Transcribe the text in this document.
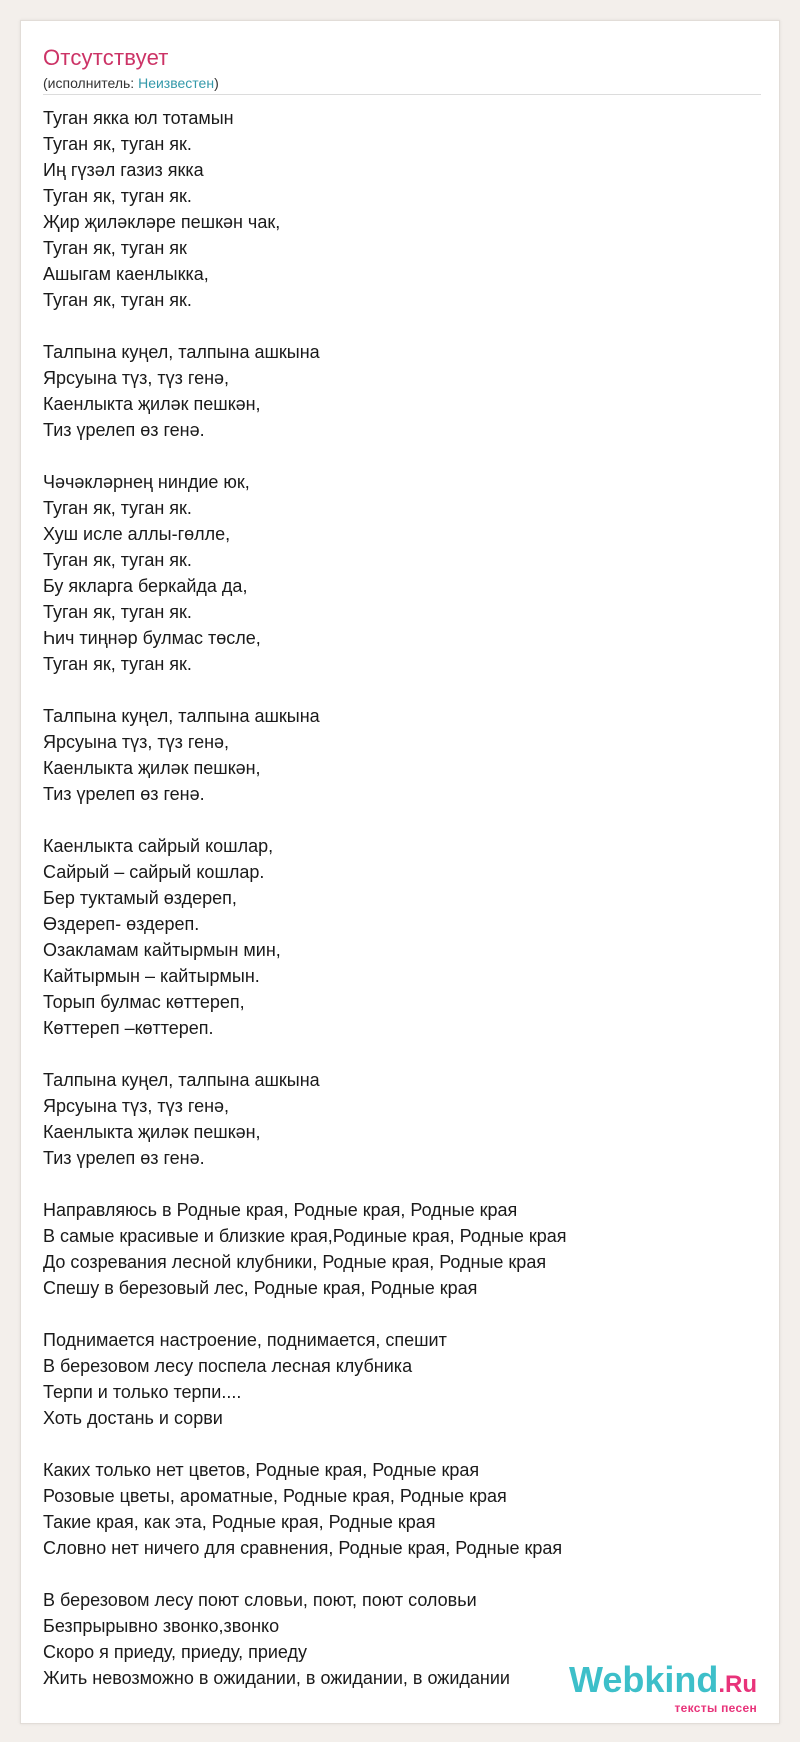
Отсутствует
(исполнитель: Неизвестен)
Туган якка юл тотамын
Туган як, туган як.
Иң гүзәл газиз якка
Туган як, туган як.
Җир җиләкләре пешкән чак,
Туган як, туган як
Ашыгам каенлыкка,
Туган як, туган як.
Талпына куңел, талпына ашкына
Ярсуына түз, түз генә,
Каенлыкта җиләк пешкән,
Тиз үрелеп өз генә.
Чәчәкләрнең ниндие юк,
Туган як, туган як.
Хуш исле аллы-гөлле,
Туган як, туган як.
Бу якларга беркайда да,
Туган як, туган як.
Һич тиңнәр булмас төсле,
Туган як, туган як.
Талпына куңел, талпына ашкына
Ярсуына түз, түз генә,
Каенлыкта җиләк пешкән,
Тиз үрелеп өз генә.
Каенлыкта сайрый кошлар,
Сайрый – сайрый кошлар.
Бер туктамый өздереп,
Өздереп- өздереп.
Озакламам кайтырмын мин,
Кайтырмын – кайтырмын.
Торып булмас көттереп,
Көттереп –көттереп.
Талпына куңел, талпына ашкына
Ярсуына түз, түз генә,
Каенлыкта җиләк пешкән,
Тиз үрелеп өз генә.
Направляюсь в Родные края, Родные края, Родные края
В самые красивые и близкие края,Родиные края, Родные края
До созревания лесной клубники, Родные края, Родные края
Спешу в березовый лес, Родные края, Родные края
Поднимается настроение, поднимается, спешит
В березовом лесу поспела лесная клубника
Терпи и только терпи....
Хоть достань и сорви
Каких только нет цветов, Родные края, Родные края
Розовые цветы, ароматные, Родные края, Родные края
Такие края, как эта, Родные края, Родные края
Словно нет ничего для сравнения, Родные края, Родные края
В березовом лесу поют словьи, поют, поют соловьи
Безпрырывно звонко,звонко
Скоро я приеду, приеду, приеду
Жить невозможно в ожидании, в ожидании, в ожидании	Webkind.Ru
тексты песен
